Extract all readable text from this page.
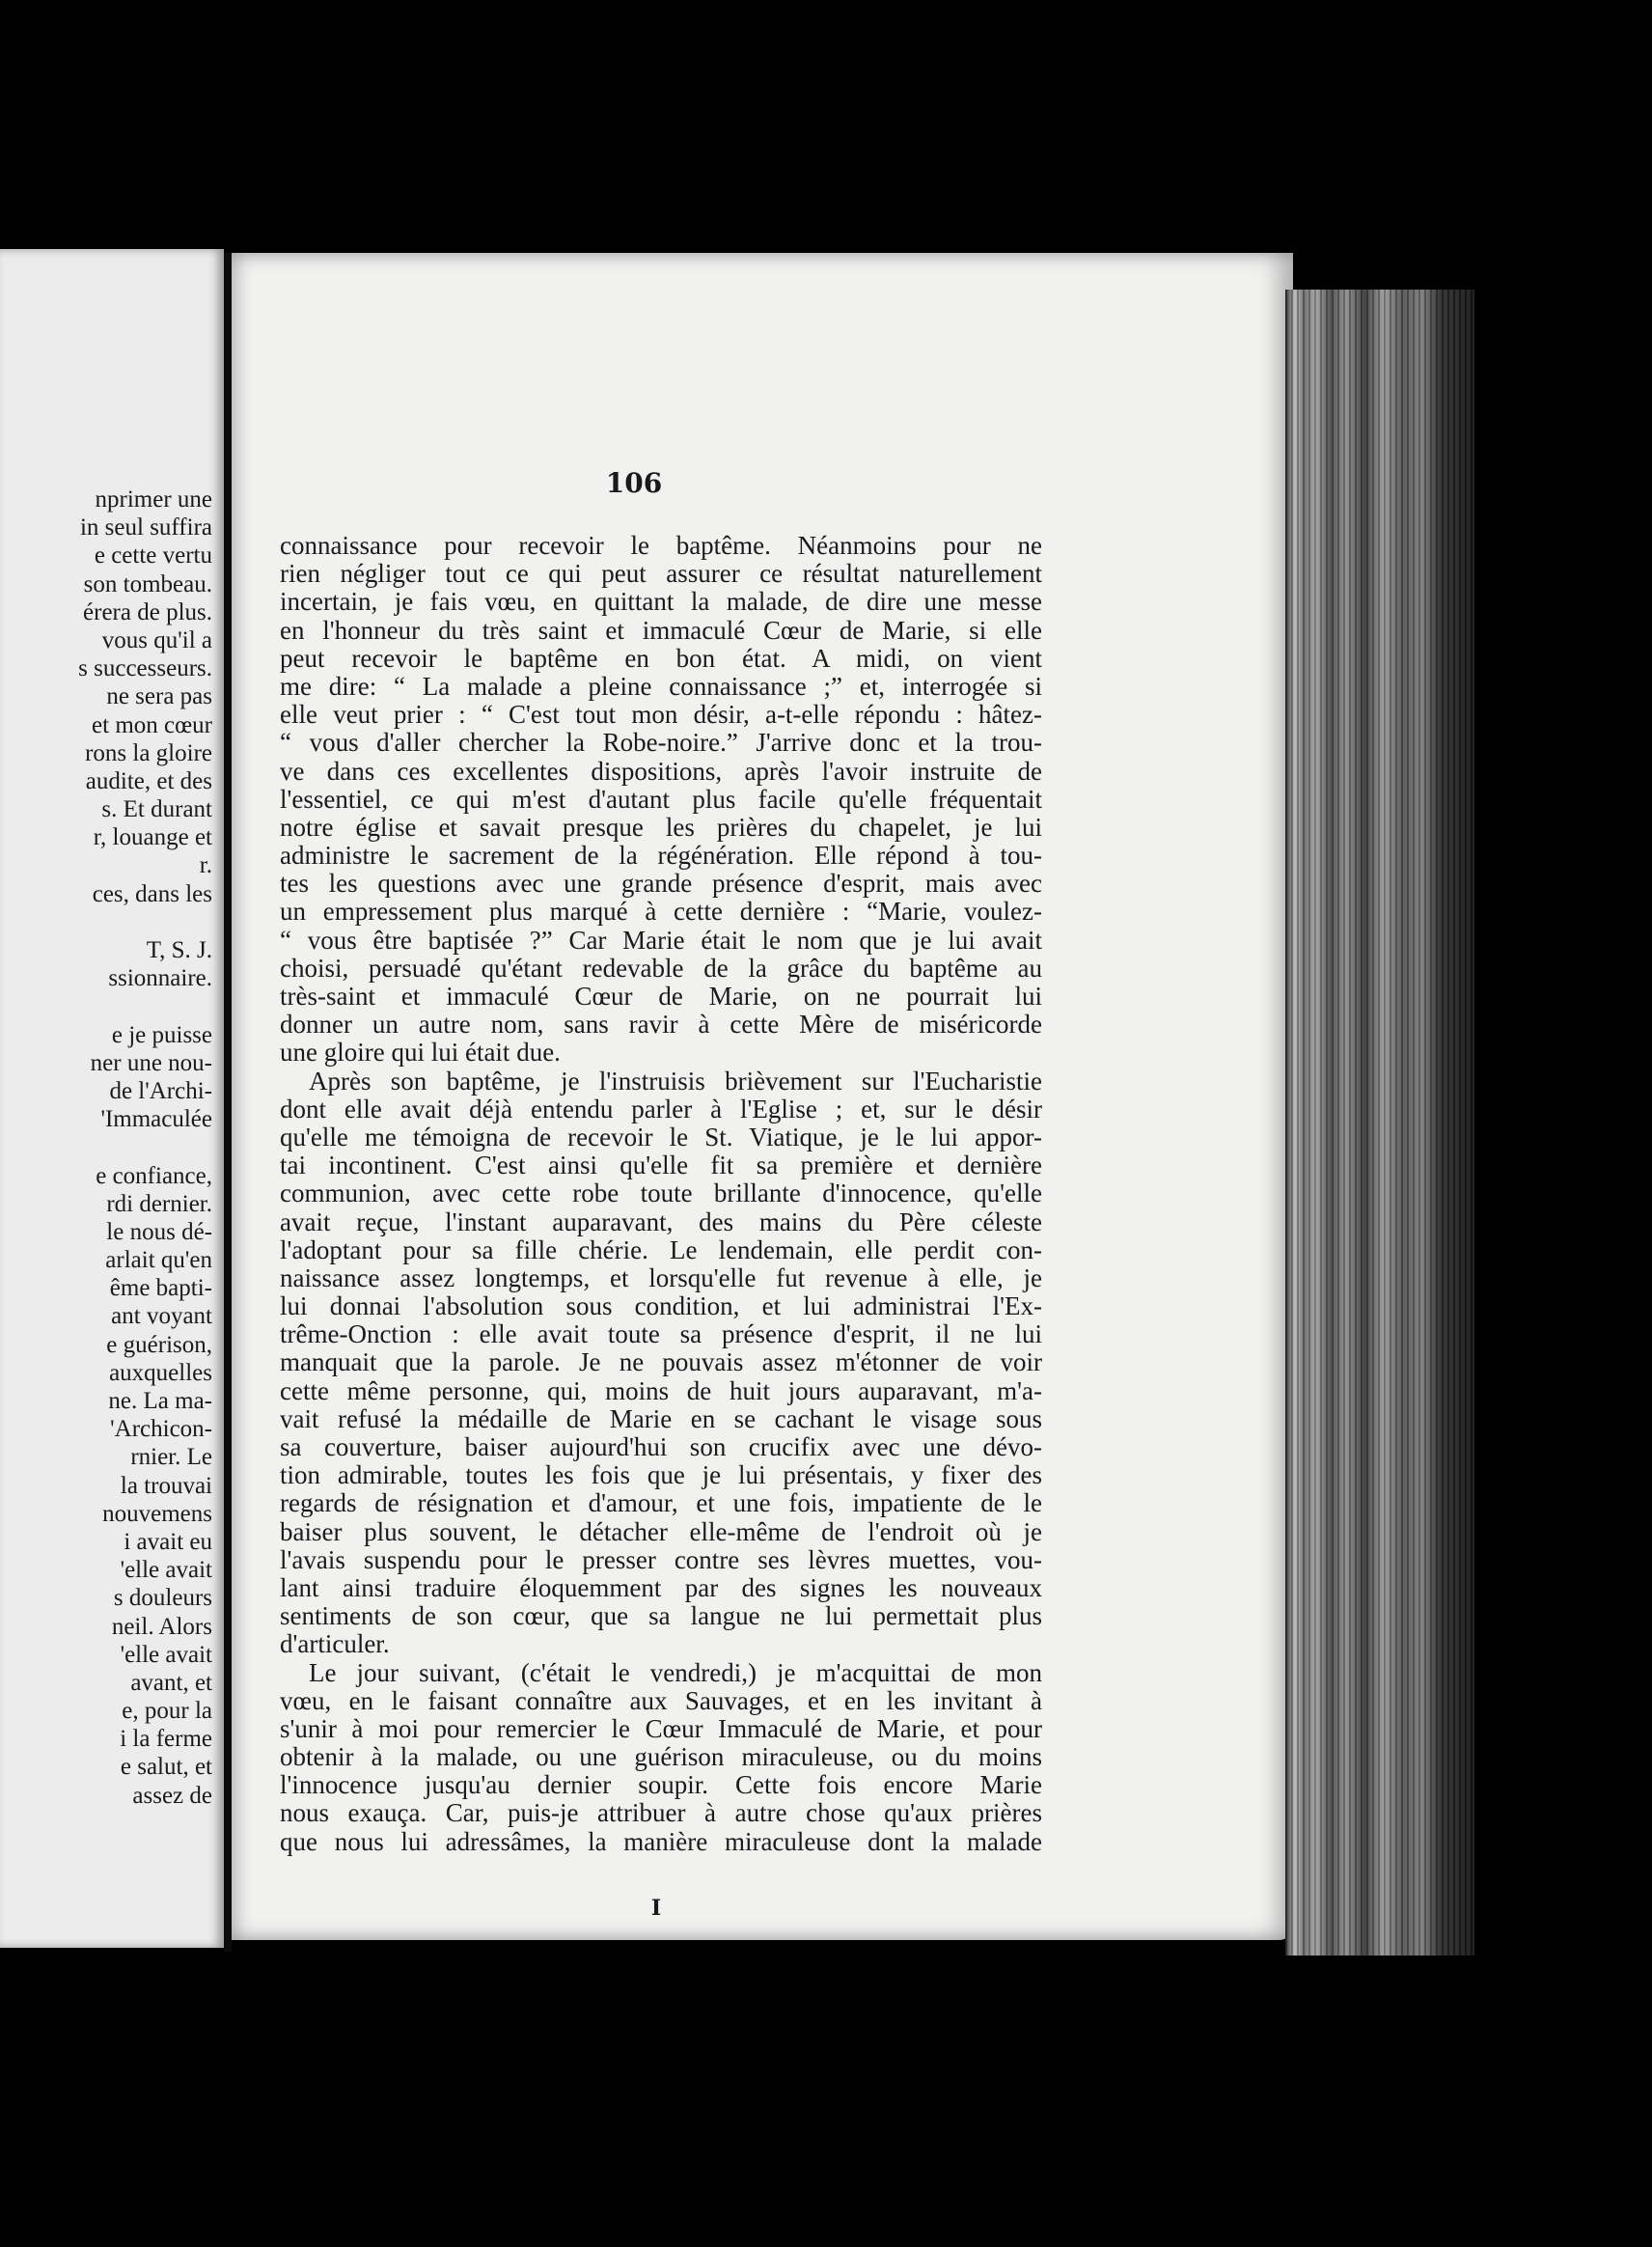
nprimer une
in seul suffira
e cette vertu
son tombeau.
érera de plus.
vous qu'il a
s successeurs.
ne sera pas
et mon cœur
rons la gloire
audite, et des
s. Et durant
r, louange et
r.
ces, dans les
T, S. J.
ssionnaire.
e je puisse
ner une nou-
de l'Archi-
'Immaculée
e confiance,
rdi dernier.
le nous dé-
arlait qu'en
ême bapti-
ant voyant
e guérison,
auxquelles
ne. La ma-
'Archicon-
rnier. Le
la trouvai
nouvemens
i avait eu
'elle avait
s douleurs
neil. Alors
'elle avait
avant, et
e, pour la
i la ferme
e salut, et
assez de
106
connaissance pour recevoir le baptême. Néanmoins pour ne
rien négliger tout ce qui peut assurer ce résultat naturellement
incertain, je fais vœu, en quittant la malade, de dire une messe
en l'honneur du très saint et immaculé Cœur de Marie, si elle
peut recevoir le baptême en bon état. A midi, on vient
me dire: “ La malade a pleine connaissance ;” et, interrogée si
elle veut prier : “ C'est tout mon désir, a-t-elle répondu : hâtez-
“ vous d'aller chercher la Robe-noire.” J'arrive donc et la trou-
ve dans ces excellentes dispositions, après l'avoir instruite de
l'essentiel, ce qui m'est d'autant plus facile qu'elle fréquentait
notre église et savait presque les prières du chapelet, je lui
administre le sacrement de la régénération. Elle répond à tou-
tes les questions avec une grande présence d'esprit, mais avec
un empressement plus marqué à cette dernière : “Marie, voulez-
“ vous être baptisée ?” Car Marie était le nom que je lui avait
choisi, persuadé qu'étant redevable de la grâce du baptême au
très-saint et immaculé Cœur de Marie, on ne pourrait lui
donner un autre nom, sans ravir à cette Mère de miséricorde
une gloire qui lui était due.
Après son baptême, je l'instruisis brièvement sur l'Eucharistie
dont elle avait déjà entendu parler à l'Eglise ; et, sur le désir
qu'elle me témoigna de recevoir le St. Viatique, je le lui appor-
tai incontinent. C'est ainsi qu'elle fit sa première et dernière
communion, avec cette robe toute brillante d'innocence, qu'elle
avait reçue, l'instant auparavant, des mains du Père céleste
l'adoptant pour sa fille chérie. Le lendemain, elle perdit con-
naissance assez longtemps, et lorsqu'elle fut revenue à elle, je
lui donnai l'absolution sous condition, et lui administrai l'Ex-
trême-Onction : elle avait toute sa présence d'esprit, il ne lui
manquait que la parole. Je ne pouvais assez m'étonner de voir
cette même personne, qui, moins de huit jours auparavant, m'a-
vait refusé la médaille de Marie en se cachant le visage sous
sa couverture, baiser aujourd'hui son crucifix avec une dévo-
tion admirable, toutes les fois que je lui présentais, y fixer des
regards de résignation et d'amour, et une fois, impatiente de le
baiser plus souvent, le détacher elle-même de l'endroit où je
l'avais suspendu pour le presser contre ses lèvres muettes, vou-
lant ainsi traduire éloquemment par des signes les nouveaux
sentiments de son cœur, que sa langue ne lui permettait plus
d'articuler.
Le jour suivant, (c'était le vendredi,) je m'acquittai de mon
vœu, en le faisant connaître aux Sauvages, et en les invitant à
s'unir à moi pour remercier le Cœur Immaculé de Marie, et pour
obtenir à la malade, ou une guérison miraculeuse, ou du moins
l'innocence jusqu'au dernier soupir. Cette fois encore Marie
nous exauça. Car, puis-je attribuer à autre chose qu'aux prières
que nous lui adressâmes, la manière miraculeuse dont la malade
I
